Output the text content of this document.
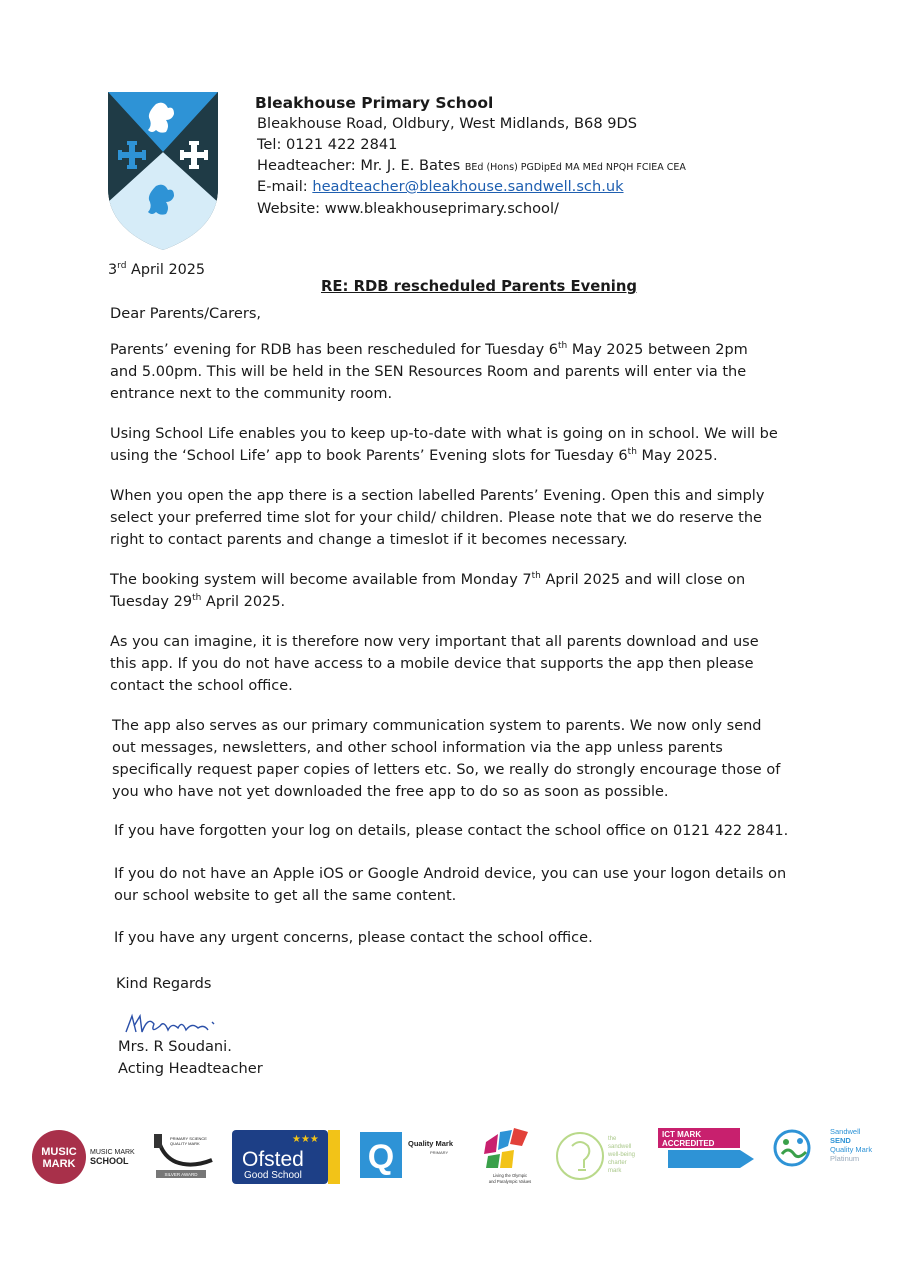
Bleakhouse Primary School
Bleakhouse Road, Oldbury, West Midlands, B68 9DS
Tel: 0121 422 2841
Headteacher: Mr. J. E. Bates BEd (Hons) PGDipEd MA MEd NPQH FCIEA CEA
E-mail: headteacher@bleakhouse.sandwell.sch.uk
Website: www.bleakhouseprimary.school/
3rd April 2025
RE: RDB rescheduled Parents Evening
Dear Parents/Carers,
Parents’ evening for RDB has been rescheduled for Tuesday 6th May 2025 between 2pm
and 5.00pm. This will be held in the SEN Resources Room and parents will enter via the
entrance next to the community room.
Using School Life enables you to keep up-to-date with what is going on in school. We will be
using the ‘School Life’ app to book Parents’ Evening slots for Tuesday 6th May 2025.
When you open the app there is a section labelled Parents’ Evening. Open this and simply
select your preferred time slot for your child/ children. Please note that we do reserve the
right to contact parents and change a timeslot if it becomes necessary.
The booking system will become available from Monday 7th April 2025 and will close on
Tuesday 29th April 2025.
As you can imagine, it is therefore now very important that all parents download and use
this app. If you do not have access to a mobile device that supports the app then please
contact the school office.
The app also serves as our primary communication system to parents. We now only send
out messages, newsletters, and other school information via the app unless parents
specifically request paper copies of letters etc. So, we really do strongly encourage those of
you who have not yet downloaded the free app to do so as soon as possible.
If you have forgotten your log on details, please contact the school office on 0121 422 2841.
If you do not have an Apple iOS or Google Android device, you can use your logon details on
our school website to get all the same content.
If you have any urgent concerns, please contact the school office.
Kind Regards
Mrs. R Soudani.
Acting Headteacher
MUSIC
MARK
MUSIC MARK
SCHOOL
PRIMARY SCIENCE
QUALITY MARK
SILVER AWARD
★★★
Ofsted
Good School Q Quality Mark
PRIMARY
Living the Olympic
and Paralympic Values
the
sandwell
well-being
charter
mark
ICT MARK
ACCREDITED
Sandwell
SEND
Quality Mark
Platinum
